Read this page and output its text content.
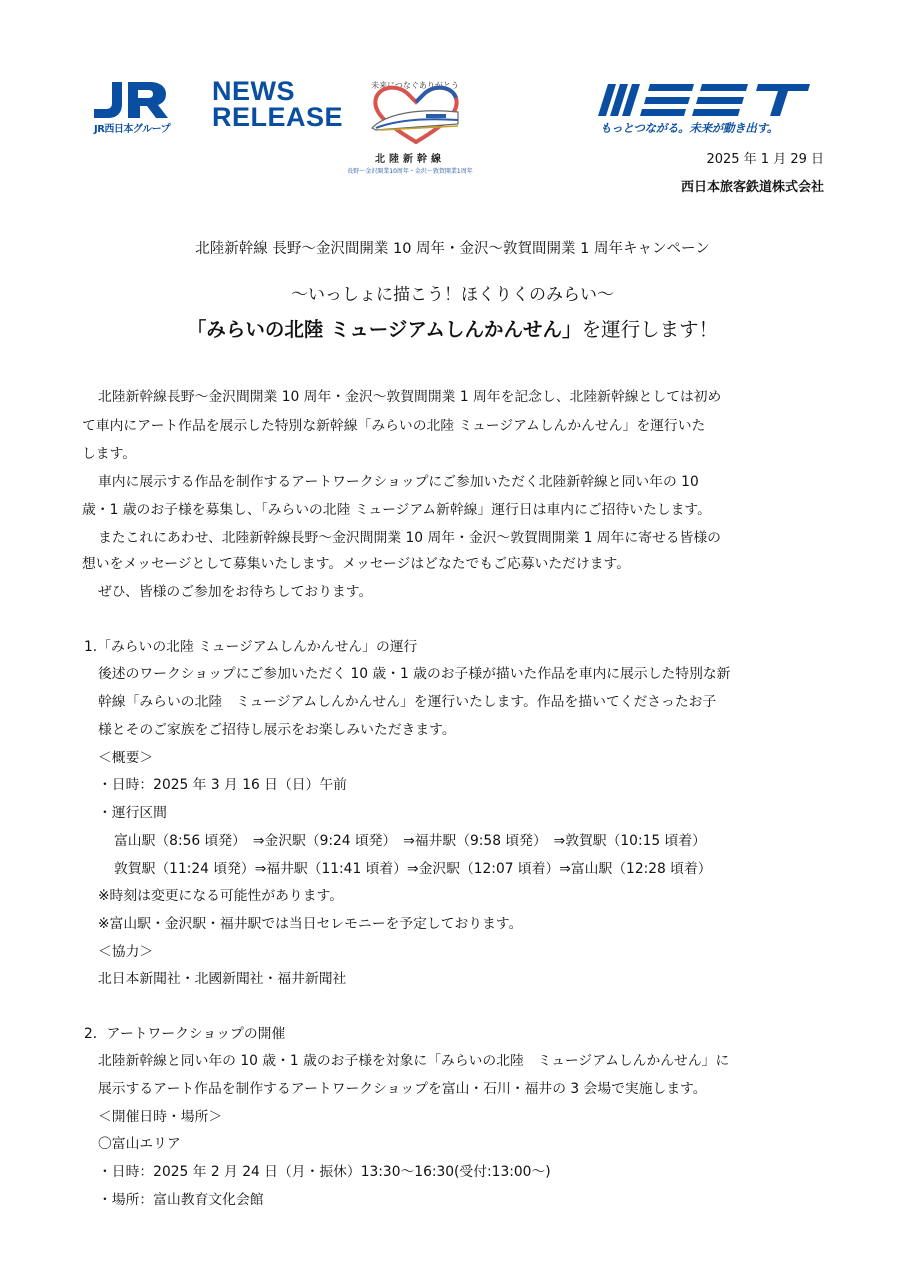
JR西日本グループ
NEWS
RELEASE
未来につなぐありがとう
北陸新幹線
長野〜金沢開業10周年・金沢〜敦賀開業1周年
もっとつながる。未来が動き出す。
2025 年 1 月 29 日
西日本旅客鉄道株式会社
北陸新幹線 長野〜金沢間開業 10 周年・金沢〜敦賀間開業 1 周年キャンペーン
〜いっしょに描こう！ほくりくのみらい〜
「みらいの北陸 ミュージアムしんかんせん」を運行します！
北陸新幹線長野〜金沢間開業 10 周年・金沢〜敦賀間開業 1 周年を記念し、北陸新幹線としては初め
て車内にアート作品を展示した特別な新幹線「みらいの北陸 ミュージアムしんかんせん」を運行いた
します。
車内に展示する作品を制作するアートワークショップにご参加いただく北陸新幹線と同い年の 10
歳・1 歳のお子様を募集し、「みらいの北陸 ミュージアム新幹線」運行日は車内にご招待いたします。
またこれにあわせ、北陸新幹線長野〜金沢間開業 10 周年・金沢〜敦賀間開業 1 周年に寄せる皆様の
想いをメッセージとして募集いたします。メッセージはどなたでもご応募いただけます。
ぜひ、皆様のご参加をお待ちしております。
1.「みらいの北陸 ミュージアムしんかんせん」の運行
後述のワークショップにご参加いただく 10 歳・1 歳のお子様が描いた作品を車内に展示した特別な新
幹線「みらいの北陸　ミュージアムしんかんせん」を運行いたします。作品を描いてくださったお子
様とそのご家族をご招待し展示をお楽しみいただきます。
＜概要＞
・日時：2025 年 3 月 16 日（日）午前
・運行区間
富山駅（8:56 頃発）　⇒金沢駅（9:24 頃発）　⇒福井駅（9:58 頃発）　⇒敦賀駅（10:15 頃着）
敦賀駅（11:24 頃発）⇒福井駅（11:41 頃着）⇒金沢駅（12:07 頃着）⇒富山駅（12:28 頃着）
※時刻は変更になる可能性があります。
※富山駅・金沢駅・福井駅では当日セレモニーを予定しております。
＜協力＞
北日本新聞社・北國新聞社・福井新聞社
2．アートワークショップの開催
北陸新幹線と同い年の 10 歳・1 歳のお子様を対象に「みらいの北陸　ミュージアムしんかんせん」に
展示するアート作品を制作するアートワークショップを富山・石川・福井の 3 会場で実施します。
＜開催日時・場所＞
〇富山エリア
・日時：2025 年 2 月 24 日（月・振休）13:30〜16:30(受付:13:00〜)
・場所：富山教育文化会館
